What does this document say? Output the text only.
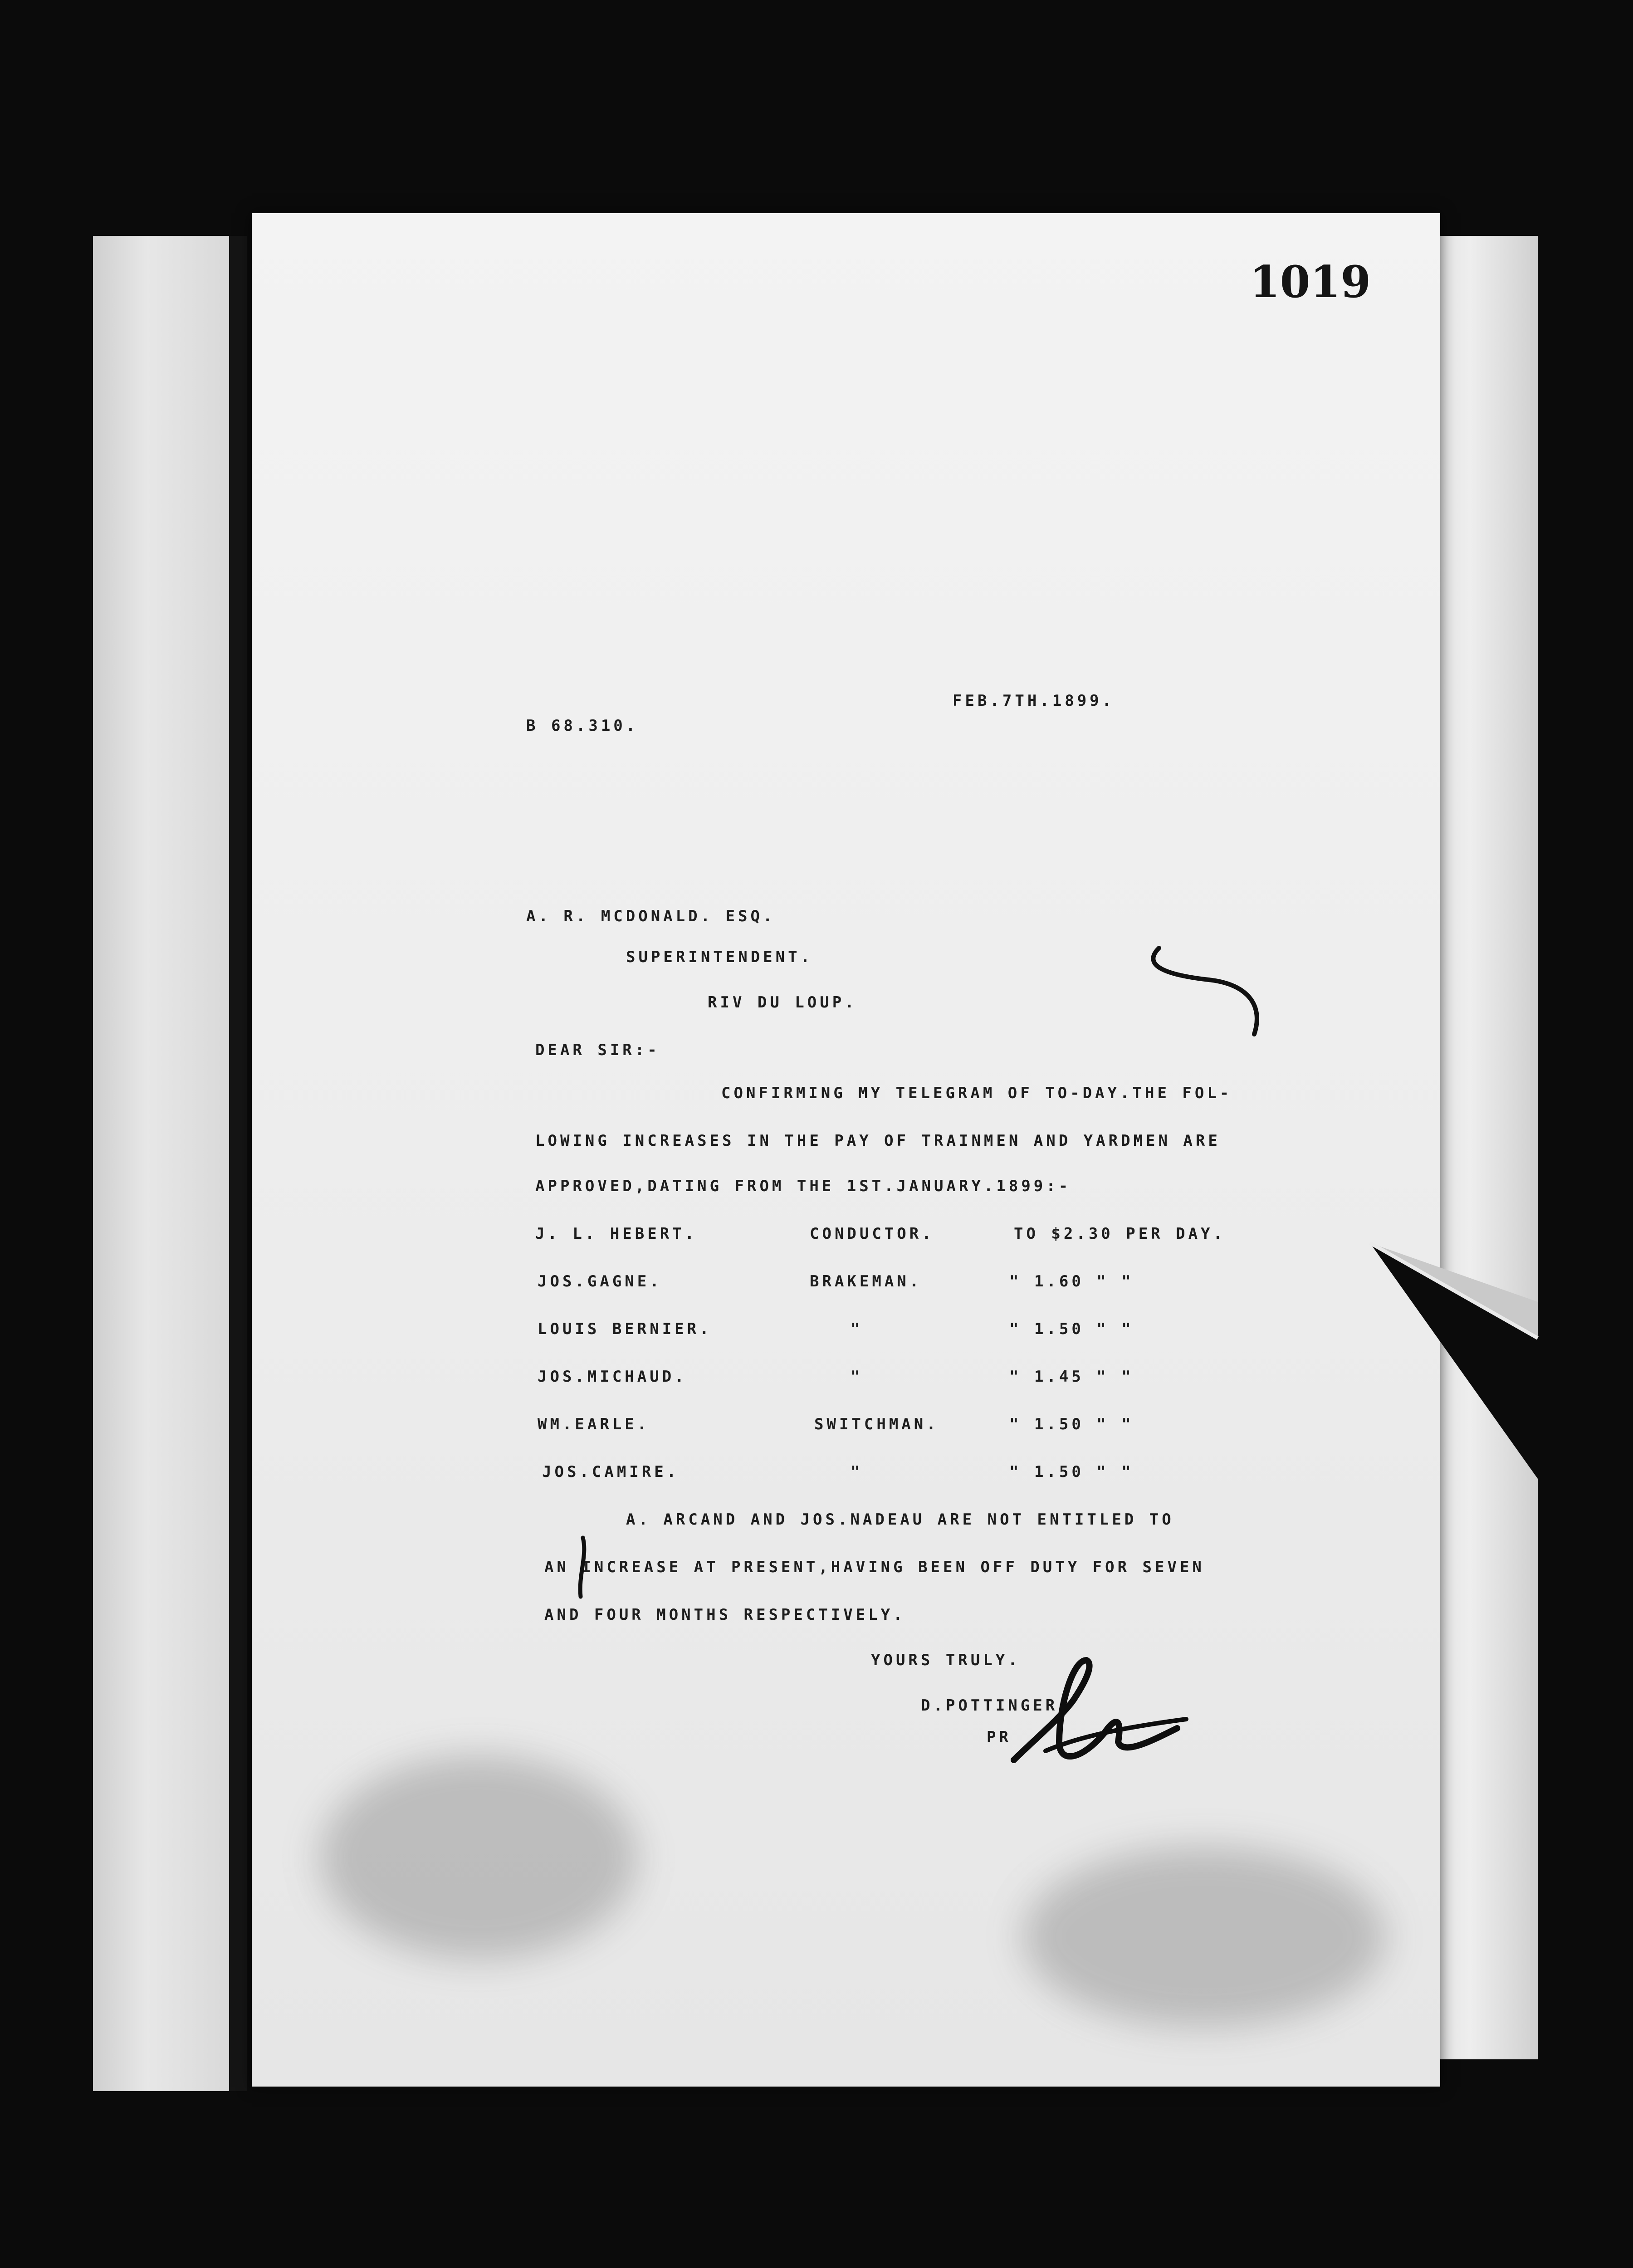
1019
B 68.310.
FEB.7TH.1899.
A. R. MCDONALD. ESQ.
SUPERINTENDENT.
RIV DU LOUP.
DEAR SIR:-
CONFIRMING MY TELEGRAM OF TO-DAY.THE FOL-
LOWING INCREASES IN THE PAY OF TRAINMEN AND YARDMEN ARE
APPROVED,DATING FROM THE 1ST.JANUARY.1899:-
J. L. HEBERT.	CONDUCTOR.	TO $2.30 PER DAY.
JOS.GAGNE.	BRAKEMAN.	" 1.60 " "
LOUIS BERNIER.	"	" 1.50 " "
JOS.MICHAUD.	"	" 1.45 " "
WM.EARLE.	SWITCHMAN.	" 1.50 " "
JOS.CAMIRE.	"	" 1.50 " "
A. ARCAND AND JOS.NADEAU ARE NOT ENTITLED TO
AN INCREASE AT PRESENT,HAVING BEEN OFF DUTY FOR SEVEN
AND FOUR MONTHS RESPECTIVELY.
YOURS TRULY.
D.POTTINGER
PR
